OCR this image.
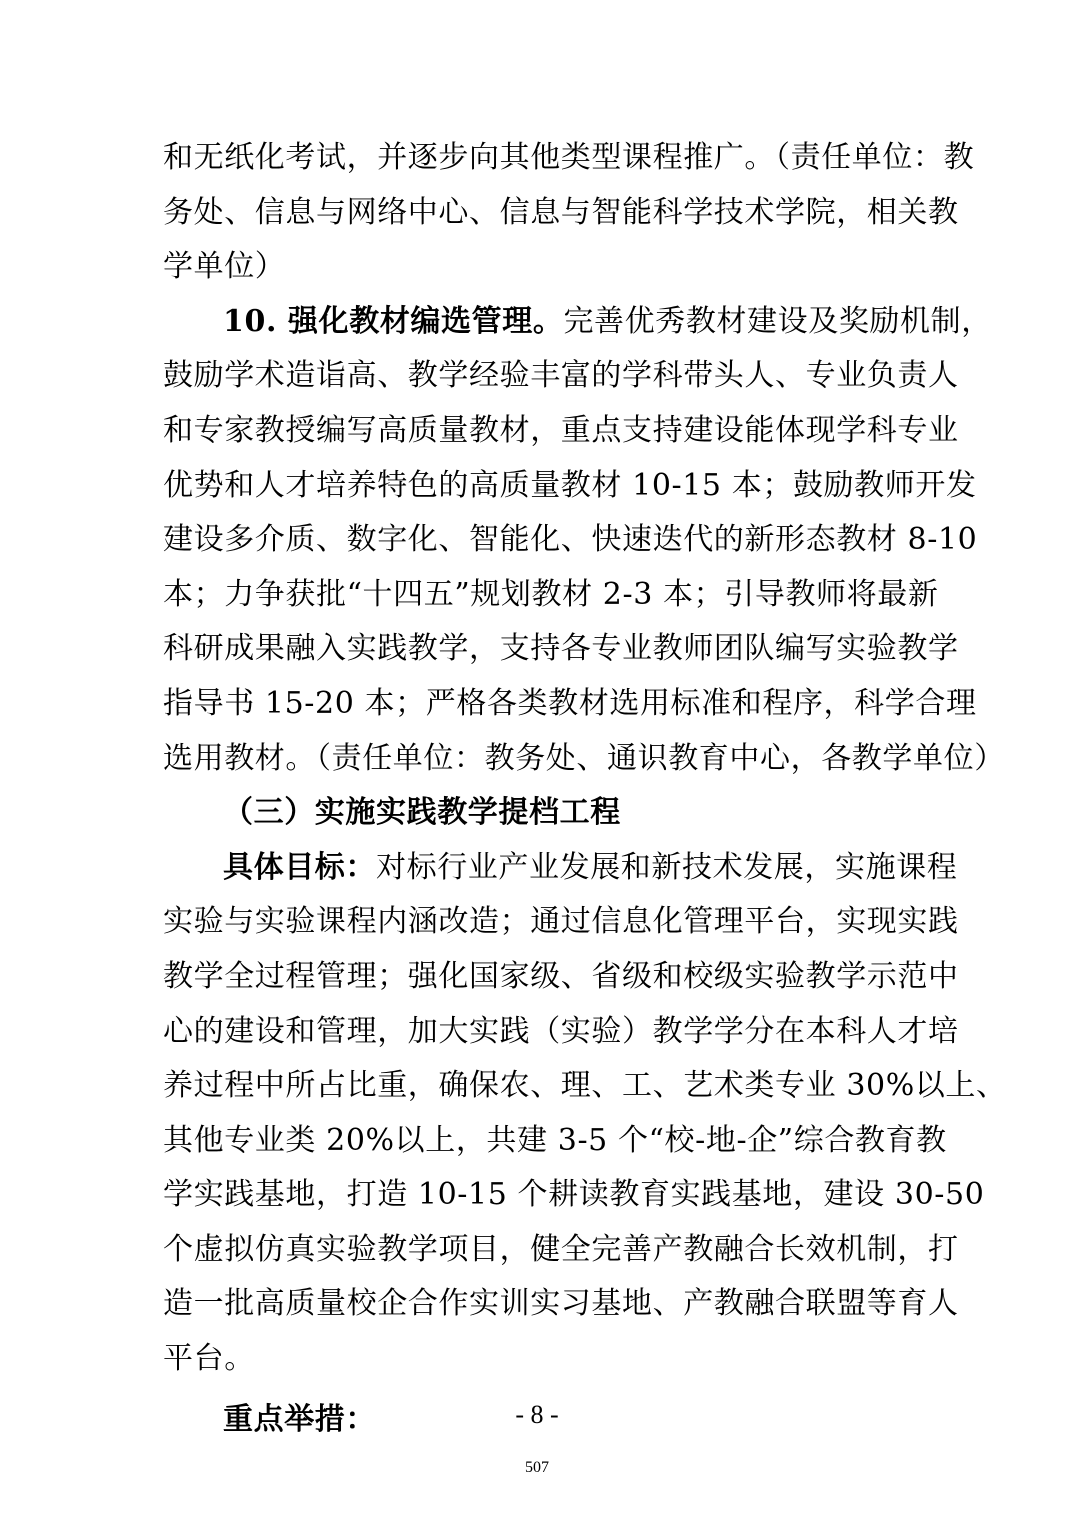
和无纸化考试，并逐步向其他类型课程推广。（责任单位：教
务处、信息与网络中心、信息与智能科学技术学院，相关教
学单位）
10. 强化教材编选管理。完善优秀教材建设及奖励机制，
鼓励学术造诣高、教学经验丰富的学科带头人、专业负责人
和专家教授编写高质量教材，重点支持建设能体现学科专业
优势和人才培养特色的高质量教材 10-15 本；鼓励教师开发
建设多介质、数字化、智能化、快速迭代的新形态教材 8-10
本；力争获批“十四五”规划教材 2-3 本；引导教师将最新
科研成果融入实践教学，支持各专业教师团队编写实验教学
指导书 15-20 本；严格各类教材选用标准和程序，科学合理
选用教材。（责任单位：教务处、通识教育中心，各教学单位）
（三）实施实践教学提档工程
具体目标：对标行业产业发展和新技术发展，实施课程
实验与实验课程内涵改造；通过信息化管理平台，实现实践
教学全过程管理；强化国家级、省级和校级实验教学示范中
心的建设和管理，加大实践（实验）教学学分在本科人才培
养过程中所占比重，确保农、理、工、艺术类专业 30%以上、
其他专业类 20%以上，共建 3-5 个“校-地-企”综合教育教
学实践基地，打造 10-15 个耕读教育实践基地，建设 30-50
个虚拟仿真实验教学项目，健全完善产教融合长效机制，打
造一批高质量校企合作实训实习基地、产教融合联盟等育人
平台。
重点举措：	- 8 -
507
